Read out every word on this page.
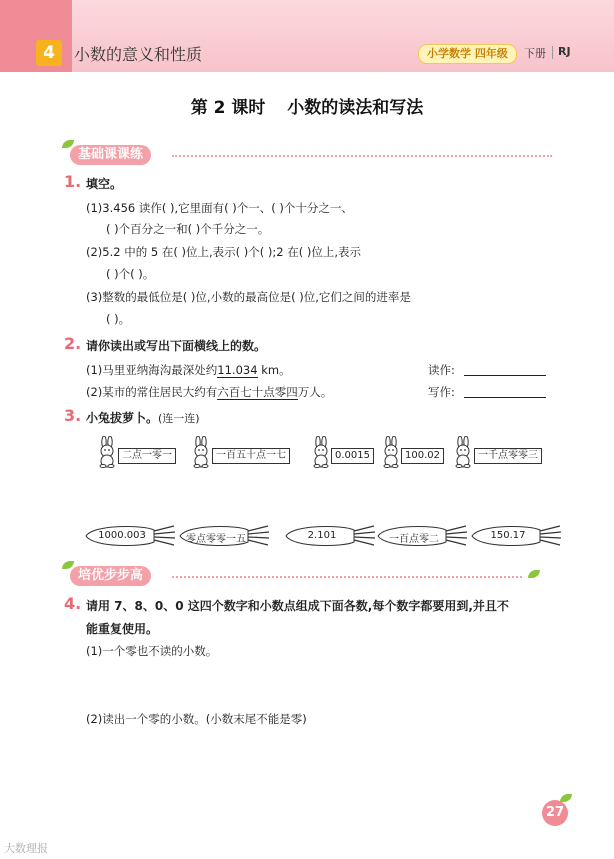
4	小数的意义和性质	小学数学 四年级	下册 RJ
第 2 课时 小数的读法和写法
基础课课练
1. 填空。
(1)3.456 读作( ),它里面有( )个一、( )个十分之一、
( )个百分之一和( )个千分之一。
(2)5.2 中的 5 在( )位上,表示( )个( );2 在( )位上,表示
( )个( )。
(3)整数的最低位是( )位,小数的最高位是( )位,它们之间的进率是
( )。
2. 请你读出或写出下面横线上的数。
(1)马里亚纳海沟最深处约11.034 km。	读作:
(2)某市的常住居民大约有六百七十点零四万人。	写作:
3. 小兔拔萝卜。(连一连)
二点一零一	一百五十点一七	0.0015	100.02	一千点零零三
1000.003	零点零零一五	2.101	一百点零二	150.17
培优步步高
4. 请用 7、8、0、0 这四个数字和小数点组成下面各数,每个数字都要用到,并且不
能重复使用。
(1)一个零也不读的小数。
(2)读出一个零的小数。(小数末尾不能是零)
27
大数理报
